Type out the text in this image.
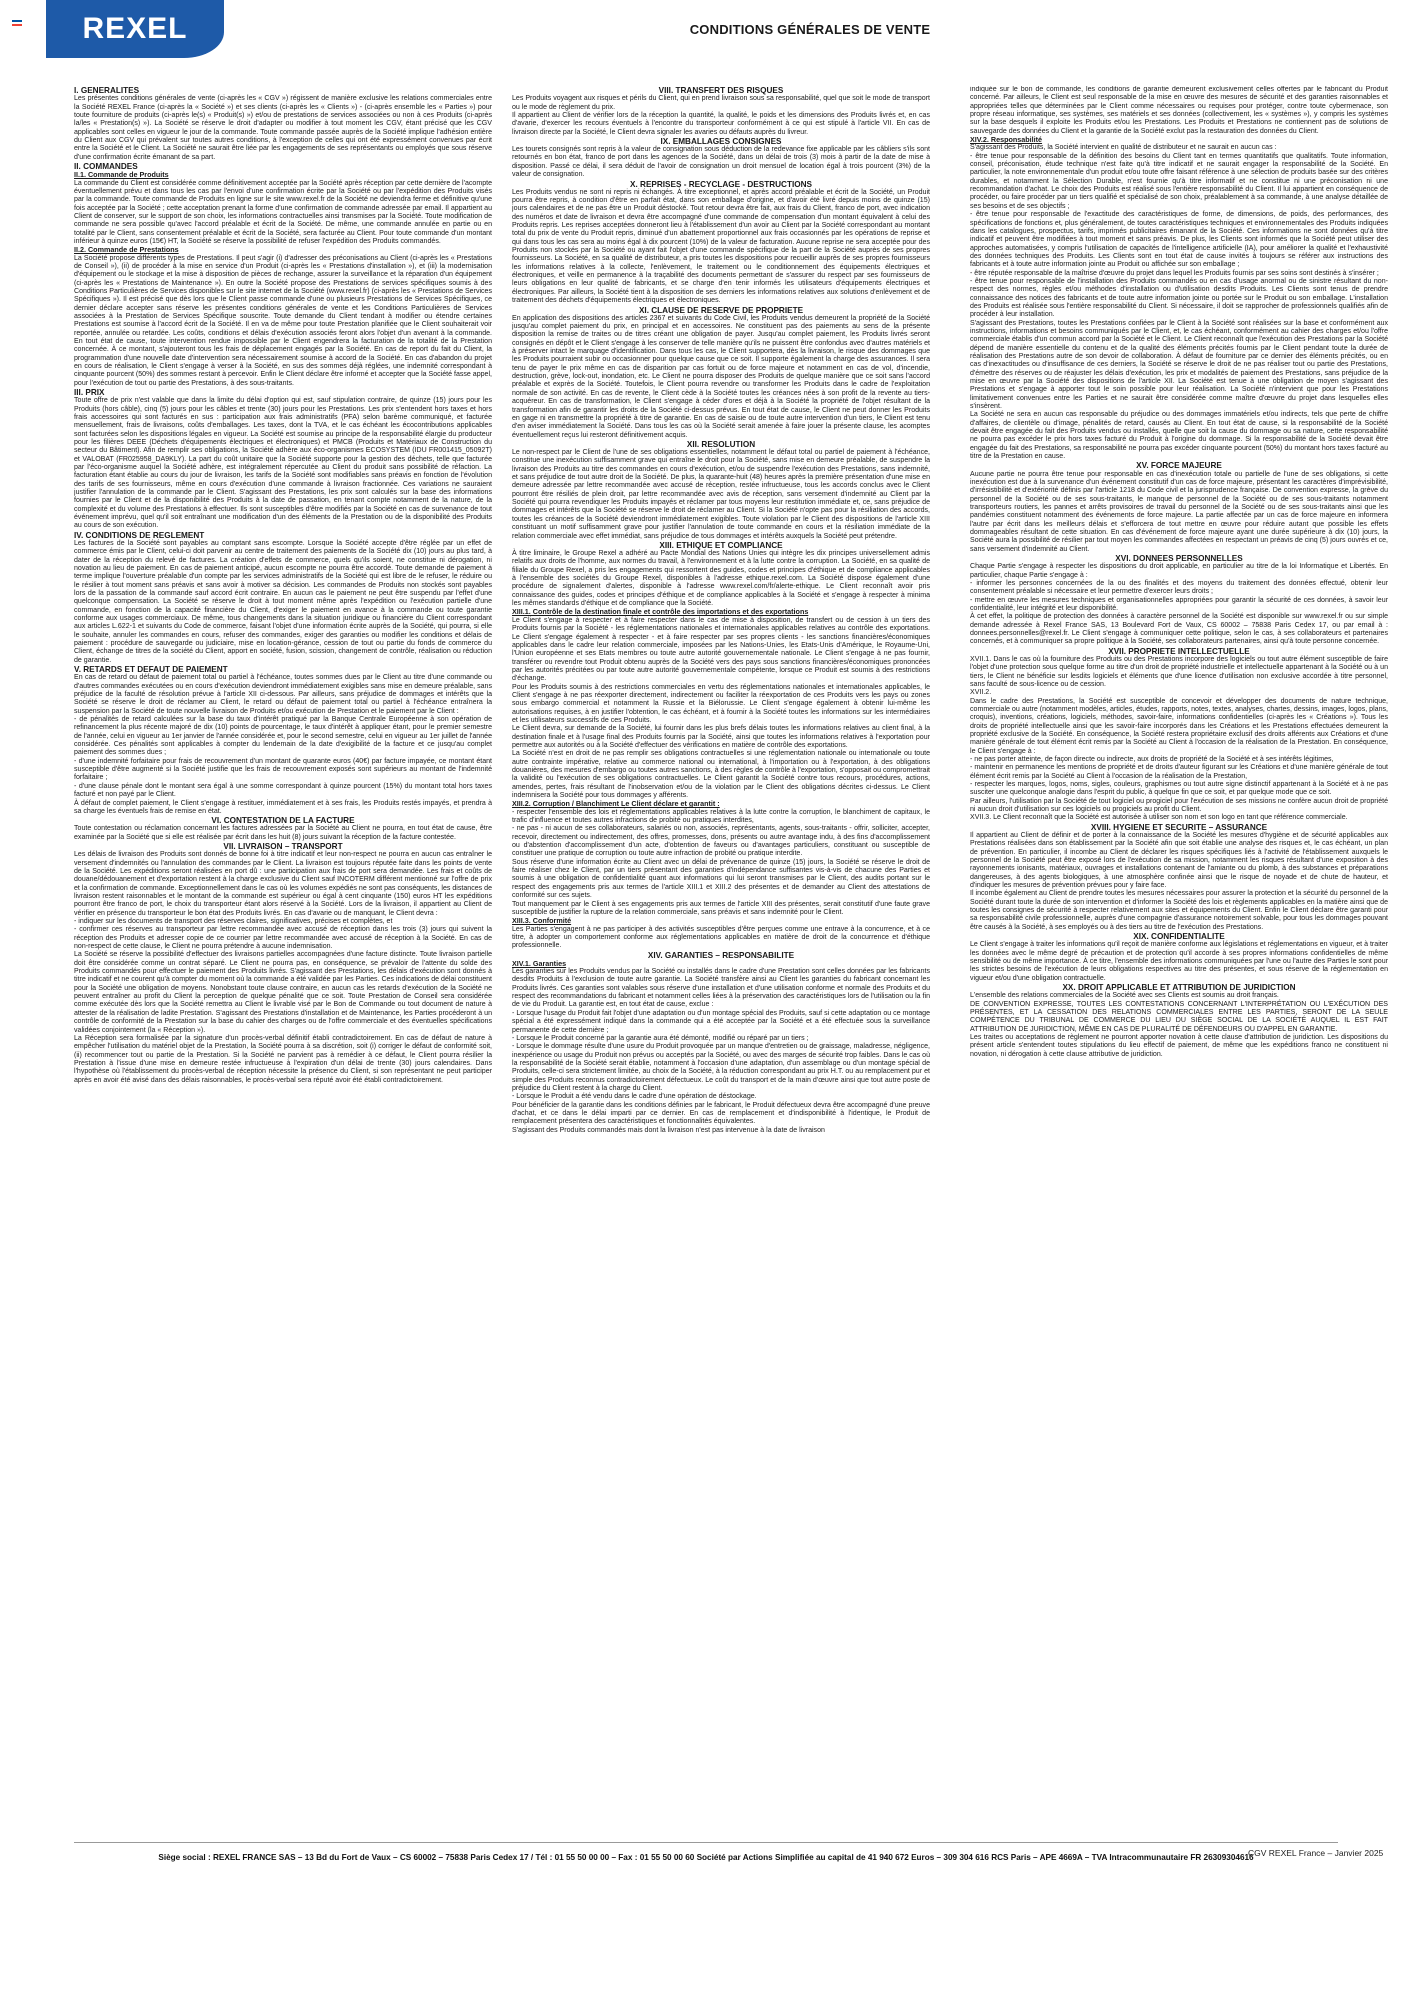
REXEL	CONDITIONS GÉNÉRALES DE VENTE
I. GENERALITES

Les présentes conditions générales de vente (ci-après les « CGV ») régissent de manière exclusive les relations commerciales entre la Société REXEL France (ci-après la « Société ») et ses clients (ci-après les « Clients ») - (ci-après ensemble les « Parties ») pour toute fourniture de produits (ci-après le(s) « Produit(s) ») et/ou de prestations de services associées ou non à ces Produits (ci-après la/les « Prestation(s) »). La Société se réserve le droit d'adapter ou modifier à tout moment les CGV, étant précisé que les CGV applicables sont celles en vigueur le jour de la commande. Toute commande passée auprès de la Société implique l'adhésion entière du Client aux CGV qui prévalent sur toutes autres conditions, à l'exception de celles qui ont été expressément convenues par écrit entre la Société et le Client. La Société ne saurait être liée par les engagements de ses représentants ou employés que sous réserve d'une confirmation écrite émanant de sa part.

II. COMMANDES
II.1. Commande de Produits

La commande du Client est considérée comme définitivement acceptée par la Société après réception par cette dernière de l'acompte éventuellement prévu et dans tous les cas par l'envoi d'une confirmation écrite par la Société ou par l'expédition des Produits visés par la commande. Toute commande de Produits en ligne sur le site www.rexel.fr de la Société ne deviendra ferme et définitive qu'une fois acceptée par la Société ; cette acceptation prenant la forme d'une confirmation de commande adressée par email. Il appartient au Client de conserver, sur le support de son choix, les informations contractuelles ainsi transmises par la Société. Toute modification de commande ne sera possible qu'avec l'accord préalable et écrit de la Société. De même, une commande annulée en partie ou en totalité par le Client, sans consentement préalable et écrit de la Société, sera facturée au Client. Pour toute commande d'un montant inférieur à quinze euros (15€) HT, la Société se réserve la possibilité de refuser l'expédition des Produits commandés.

II.2. Commande de Prestations

La Société propose différents types de Prestations. Il peut s'agir (i) d'adresser des préconisations au Client (ci-après les « Prestations de Conseil »), (ii) de procéder à la mise en service d'un Produit (ci-après les « Prestations d'installation »), et (iii) la modernisation d'équipement ou le stockage et la mise à disposition de pièces de rechange, assurer la surveillance et la réparation d'un équipement (ci-après les « Prestations de Maintenance »). En outre la Société propose des Prestations de services spécifiques soumis à des Conditions Particulières de Services disponibles sur le site internet de la Société (www.rexel.fr) (ci-après les « Prestations de Services Spécifiques »). Il est précisé que dès lors que le Client passe commande d'une ou plusieurs Prestations de Services Spécifiques, ce dernier déclare accepter sans réserve les présentes conditions générales de vente et les Conditions Particulières de Services associées à la Prestation de Services Spécifique souscrite. Toute demande du Client tendant à modifier ou étendre certaines Prestations est soumise à l'accord écrit de la Société. Il en va de même pour toute Prestation planifiée que le Client souhaiterait voir reportée, annulée ou retardée. Les coûts, conditions et délais d'exécution associés feront alors l'objet d'un avenant à la commande. En tout état de cause, toute intervention rendue impossible par le Client engendrera la facturation de la totalité de la Prestation concernée. À ce montant, s'ajouteront tous les frais de déplacement engagés par la Société. En cas de report du fait du Client, la programmation d'une nouvelle date d'intervention sera nécessairement soumise à accord de la Société. En cas d'abandon du projet en cours de réalisation, le Client s'engage à verser à la Société, en sus des sommes déjà réglées, une indemnité correspondant à cinquante pourcent (50%) des sommes restant à percevoir. Enfin le Client déclare être informé et accepter que la Société fasse appel, pour l'exécution de tout ou partie des Prestations, à des sous-traitants.

III. PRIX

Toute offre de prix n'est valable que dans la limite du délai d'option qui est, sauf stipulation contraire, de quinze (15) jours pour les Produits (hors câble), cinq (5) jours pour les câbles et trente (30) jours pour les Prestations. Les prix s'entendent hors taxes et hors frais accessoires qui sont facturés en sus : participation aux frais administratifs (PFA) selon barème communiqué, et facturée mensuellement, frais de livraisons, coûts d'emballages. Les taxes, dont la TVA, et le cas échéant les écocontributions applicables sont facturées selon les dispositions légales en vigueur. La Société est soumise au principe de la responsabilité élargie du producteur pour les filières DEEE (Déchets d'équipements électriques et électroniques) et PMCB (Produits et Matériaux de Construction du secteur du Bâtiment). Afin de remplir ses obligations, la Société adhère aux éco-organismes ECOSYSTEM (IDU FR001415_05092T) et VALOBAT (FR025958_DA9KLY). La part du coût unitaire que la Société supporte pour la gestion des déchets, telle que facturée par l'éco-organisme auquel la Société adhère, est intégralement répercutée au Client du produit sans possibilité de réfaction. La facturation étant établie au cours du jour de livraison, les tarifs de la Société sont modifiables sans préavis en fonction de l'évolution des tarifs de ses fournisseurs, même en cours d'exécution d'une commande à livraison fractionnée. Ces variations ne sauraient justifier l'annulation de la commande par le Client. S'agissant des Prestations, les prix sont calculés sur la base des informations fournies par le Client et de la disponibilité des Produits à la date de passation, en tenant compte notamment de la nature, de la complexité et du volume des Prestations à effectuer. Ils sont susceptibles d'être modifiés par la Société en cas de survenance de tout événement imprévu, quel qu'il soit entraînant une modification d'un des éléments de la Prestation ou de la disponibilité des Produits au cours de son exécution.

IV. CONDITIONS DE REGLEMENT

Les factures de la Société sont payables au comptant sans escompte. Lorsque la Société accepte d'être réglée par un effet de commerce émis par le Client, celui-ci doit parvenir au centre de traitement des paiements de la Société dix (10) jours au plus tard, à dater de la réception du relevé de factures. La création d'effets de commerce, quels qu'ils soient, ne constitue ni dérogation, ni novation au lieu de paiement. En cas de paiement anticipé, aucun escompte ne pourra être accordé. Toute demande de paiement à terme implique l'ouverture préalable d'un compte par les services administratifs de la Société qui est libre de le refuser, le réduire ou le résilier à tout moment sans préavis et sans avoir à motiver sa décision. Les commandes de Produits non stockés sont payables lors de la passation de la commande sauf accord écrit contraire. En aucun cas le paiement ne peut être suspendu par l'effet d'une quelconque compensation. La Société se réserve le droit à tout moment même après l'expédition ou l'exécution partielle d'une commande, en fonction de la capacité financière du Client, d'exiger le paiement en avance à la commande ou toute garantie conforme aux usages commerciaux. De même, tous changements dans la situation juridique ou financière du Client correspondant aux articles L.622-1 et suivants du Code de commerce, faisant l'objet d'une information écrite auprès de la Société, qui pourra, si elle le souhaite, annuler les commandes en cours, refuser des commandes, exiger des garanties ou modifier les conditions et délais de paiement : procédure de sauvegarde ou judiciaire, mise en location-gérance, cession de tout ou partie du fonds de commerce du Client, échange de titres de la société du Client, apport en société, fusion, scission, changement de contrôle, réalisation ou réduction de garantie.

V. RETARDS ET DEFAUT DE PAIEMENT

En cas de retard ou défaut de paiement total ou partiel à l'échéance, toutes sommes dues par le Client au titre d'une commande ou d'autres commandes exécutées ou en cours d'exécution deviendront immédiatement exigibles sans mise en demeure préalable, sans préjudice de la faculté de résolution prévue à l'article XII ci-dessous. Par ailleurs, sans préjudice de dommages et intérêts que la Société se réserve le droit de réclamer au Client, le retard ou défaut de paiement total ou partiel à l'échéance entraînera la suspension par la Société de toute nouvelle livraison de Produits et/ou exécution de Prestation et le paiement par le Client :

- de pénalités de retard calculées sur la base du taux d'intérêt pratiqué par la Banque Centrale Européenne à son opération de refinancement la plus récente majoré de dix (10) points de pourcentage, le taux d'intérêt à appliquer étant, pour le premier semestre de l'année, celui en vigueur au 1er janvier de l'année considérée et, pour le second semestre, celui en vigueur au 1er juillet de l'année considérée. Ces pénalités sont applicables à compter du lendemain de la date d'exigibilité de la facture et ce jusqu'au complet paiement des sommes dues ;

- d'une indemnité forfaitaire pour frais de recouvrement d'un montant de quarante euros (40€) par facture impayée, ce montant étant susceptible d'être augmenté si la Société justifie que les frais de recouvrement exposés sont supérieurs au montant de l'indemnité forfaitaire ;

- d'une clause pénale dont le montant sera égal à une somme correspondant à quinze pourcent (15%) du montant total hors taxes facturé et non payé par le Client.

À défaut de complet paiement, le Client s'engage à restituer, immédiatement et à ses frais, les Produits restés impayés, et prendra à sa charge les éventuels frais de remise en état.

VI. CONTESTATION DE LA FACTURE

Toute contestation ou réclamation concernant les factures adressées par la Société au Client ne pourra, en tout état de cause, être examinée par la Société que si elle est réalisée par écrit dans les huit (8) jours suivant la réception de la facture contestée.

VII. LIVRAISON – TRANSPORT

Les délais de livraison des Produits sont donnés de bonne foi à titre indicatif et leur non-respect ne pourra en aucun cas entraîner le versement d'indemnités ou l'annulation des commandes par le Client. La livraison est toujours réputée faite dans les points de vente de la Société. Les expéditions seront réalisées en port dû : une participation aux frais de port sera demandée. Les frais et coûts de douane/dédouanement et d'exportation restent à la charge exclusive du Client sauf INCOTERM différent mentionné sur l'offre de prix et la confirmation de commande. Exceptionnellement dans le cas où les volumes expédiés ne sont pas conséquents, les distances de livraison restent raisonnables et le montant de la commande est supérieur ou égal à cent cinquante (150) euros HT les expéditions pourront être franco de port, le choix du transporteur étant alors réservé à la Société. Lors de la livraison, il appartient au Client de vérifier en présence du transporteur le bon état des Produits livrés. En cas d'avarie ou de manquant, le Client devra :

- indiquer sur les documents de transport des réserves claires, significatives, précises et complètes, et

- confirmer ces réserves au transporteur par lettre recommandée avec accusé de réception dans les trois (3) jours qui suivent la réception des Produits et adresser copie de ce courrier par lettre recommandée avec accusé de réception à la Société. En cas de non-respect de cette clause, le Client ne pourra prétendre à aucune indemnisation.

La Société se réserve la possibilité d'effectuer des livraisons partielles accompagnées d'une facture distincte. Toute livraison partielle doit être considérée comme un contrat séparé. Le Client ne pourra pas, en conséquence, se prévaloir de l'attente du solde des Produits commandés pour effectuer le paiement des Produits livrés. S'agissant des Prestations, les délais d'exécution sont donnés à titre indicatif et ne courent qu'à compter du moment où la commande a été validée par les Parties. Ces indications de délai constituent pour la Société une obligation de moyens. Nonobstant toute clause contraire, en aucun cas les retards d'exécution de la Société ne peuvent entraîner au profit du Client la perception de quelque pénalité que ce soit. Toute Prestation de Conseil sera considérée comme exécutée dès lors que la Société remettra au Client le livrable visé par le Bon de Commande ou tout document de nature à attester de la réalisation de ladite Prestation. S'agissant des Prestations d'installation et de Maintenance, les Parties procéderont à un contrôle de conformité de la Prestation sur la base du cahier des charges ou de l'offre commerciale et des éventuelles spécifications validées conjointement (la « Réception »).

La Réception sera formalisée par la signature d'un procès-verbal définitif établi contradictoirement. En cas de défaut de nature à empêcher l'utilisation du matériel objet de la Prestation, la Société pourra à sa discrétion, soit (i) corriger le défaut de conformité soit, (ii) recommencer tout ou partie de la Prestation. Si la Société ne parvient pas à remédier à ce défaut, le Client pourra résilier la Prestation à l'issue d'une mise en demeure restée infructueuse à l'expiration d'un délai de trente (30) jours calendaires. Dans l'hypothèse où l'établissement du procès-verbal de réception nécessite la présence du Client, si son représentant ne peut participer après en avoir été avisé dans des délais raisonnables, le procès-verbal sera réputé avoir été établi contradictoirement.

VIII. TRANSFERT DES RISQUES

Les Produits voyagent aux risques et périls du Client, qui en prend livraison sous sa responsabilité, quel que soit le mode de transport ou le mode de règlement du prix.

Il appartient au Client de vérifier lors de la réception la quantité, la qualité, le poids et les dimensions des Produits livrés et, en cas d'avarie, d'exercer les recours éventuels à l'encontre du transporteur conformément à ce qui est stipulé à l'article VII. En cas de livraison directe par la Société, le Client devra signaler les avaries ou défauts auprès du livreur.

IX. EMBALLAGES CONSIGNES

Les tourets consignés sont repris à la valeur de consignation sous déduction de la redevance fixe applicable par les câbliers s'ils sont retournés en bon état, franco de port dans les agences de la Société, dans un délai de trois (3) mois à partir de la date de mise à disposition. Passé ce délai, il sera déduit de l'avoir de consignation un droit mensuel de location égal à trois pourcent (3%) de la valeur de consignation.

X. REPRISES - RECYCLAGE - DESTRUCTIONS

Les Produits vendus ne sont ni repris ni échangés. À titre exceptionnel, et après accord préalable et écrit de la Société, un Produit pourra être repris, à condition d'être en parfait état, dans son emballage d'origine, et d'avoir été livré depuis moins de quinze (15) jours calendaires et de ne pas être un Produit déstocké. Tout retour devra être fait, aux frais du Client, franco de port, avec indication des numéros et date de livraison et devra être accompagné d'une commande de compensation d'un montant équivalent à celui des Produits repris. Les reprises acceptées donneront lieu à l'établissement d'un avoir au Client par la Société correspondant au montant total du prix de vente du Produit repris, diminué d'un abattement proportionnel aux frais occasionnés par les opérations de reprise et qui dans tous les cas sera au moins égal à dix pourcent (10%) de la valeur de facturation. Aucune reprise ne sera acceptée pour des Produits non stockés par la Société ou ayant fait l'objet d'une commande spécifique de la part de la Société auprès de ses propres fournisseurs. La Société, en sa qualité de distributeur, a pris toutes les dispositions pour recueillir auprès de ses propres fournisseurs les informations relatives à la collecte, l'enlèvement, le traitement ou le conditionnement des équipements électriques et électroniques, et veille en permanence à la traçabilité des documents permettant de s'assurer du respect par ses fournisseurs de leurs obligations en leur qualité de fabricants, et se charge d'en tenir informés les utilisateurs d'équipements électriques et électroniques. Par ailleurs, la Société tient à la disposition de ses derniers les informations relatives aux solutions d'enlèvement et de traitement des déchets d'équipements électriques et électroniques.

XI. CLAUSE DE RESERVE DE PROPRIETE

En application des dispositions des articles 2367 et suivants du Code Civil, les Produits vendus demeurent la propriété de la Société jusqu'au complet paiement du prix, en principal et en accessoires. Ne constituent pas des paiements au sens de la présente disposition la remise de traites ou de titres créant une obligation de payer. Jusqu'au complet paiement, les Produits livrés seront consignés en dépôt et le Client s'engage à les conserver de telle manière qu'ils ne puissent être confondus avec d'autres matériels et à préserver intact le marquage d'identification. Dans tous les cas, le Client supportera, dès la livraison, le risque des dommages que les Produits pourraient subir ou occasionner pour quelque cause que ce soit. Il supporte également la charge des assurances. Il sera tenu de payer le prix même en cas de disparition par cas fortuit ou de force majeure et notamment en cas de vol, d'incendie, destruction, grève, lock-out, inondation, etc. Le Client ne pourra disposer des Produits de quelque manière que ce soit sans l'accord préalable et exprès de la Société. Toutefois, le Client pourra revendre ou transformer les Produits dans le cadre de l'exploitation normale de son activité. En cas de revente, le Client cède à la Société toutes les créances nées à son profit de la revente au tiers-acquéreur. En cas de transformation, le Client s'engage à céder d'ores et déjà à la Société la propriété de l'objet résultant de la transformation afin de garantir les droits de la Société ci-dessus prévus. En tout état de cause, le Client ne peut donner les Produits en gage ni en transmettre la propriété à titre de garantie. En cas de saisie ou de toute autre intervention d'un tiers, le Client est tenu d'en aviser immédiatement la Société. Dans tous les cas où la Société serait amenée à faire jouer la présente clause, les acomptes éventuellement reçus lui resteront définitivement acquis.

XII. RESOLUTION

Le non-respect par le Client de l'une de ses obligations essentielles, notamment le défaut total ou partiel de paiement à l'échéance, constitue une inexécution suffisamment grave qui entraîne le droit pour la Société, sans mise en demeure préalable, de suspendre la livraison des Produits au titre des commandes en cours d'exécution, et/ou de suspendre l'exécution des Prestations, sans indemnité, et sans préjudice de tout autre droit de la Société. De plus, la quarante-huit (48) heures après la première présentation d'une mise en demeure adressée par lettre recommandée avec accusé de réception, restée infructueuse, tous les accords conclus avec le Client pourront être résiliés de plein droit, par lettre recommandée avec avis de réception, sans versement d'indemnité au Client par la Société qui pourra revendiquer les Produits impayés et réclamer par tous moyens leur restitution immédiate et, ce, sans préjudice de dommages et intérêts que la Société se réserve le droit de réclamer au Client. Si la Société n'opte pas pour la résiliation des accords, toutes les créances de la Société deviendront immédiatement exigibles. Toute violation par le Client des dispositions de l'article XIII constituant un motif suffisamment grave pour justifier l'annulation de toute commande en cours et la résiliation immédiate de la relation commerciale avec effet immédiat, sans préjudice de tous dommages et intérêts auxquels la Société peut prétendre.

XIII. ETHIQUE ET COMPLIANCE

À titre liminaire, le Groupe Rexel a adhéré au Pacte Mondial des Nations Unies qui intègre les dix principes universellement admis relatifs aux droits de l'homme, aux normes du travail, à l'environnement et à la lutte contre la corruption. La Société, en sa qualité de filiale du Groupe Rexel, a pris les engagements qui ressortent des guides, codes et principes d'éthique et de compliance applicables à l'ensemble des sociétés du Groupe Rexel, disponibles à l'adresse ethique.rexel.com. La Société dispose également d'une procédure de signalement d'alertes, disponible à l'adresse www.rexel.com/fr/alerte-ethique. Le Client reconnaît avoir pris connaissance des guides, codes et principes d'éthique et de compliance applicables à la Société et s'engage à respecter à minima les mêmes standards d'éthique et de compliance que la Société.

XIII.1. Contrôle de la destination finale et contrôle des importations et des exportations

Le Client s'engage à respecter et à faire respecter dans le cas de mise à disposition, de transfert ou de cession à un tiers des Produits fournis par la Société - les réglementations nationales et internationales applicables relatives au contrôle des exportations. Le Client s'engage également à respecter - et à faire respecter par ses propres clients - les sanctions financières/économiques applicables dans le cadre leur relation commerciale, imposées par les Nations-Unies, les Etats-Unis d'Amérique, le Royaume-Uni, l'Union européenne et ses Etats membres ou toute autre autorité gouvernementale nationale. Le Client s'engage à ne pas fournir, transférer ou revendre tout Produit obtenu auprès de la Société vers des pays sous sanctions financières/économiques prononcées par les autorités précitées ou par toute autre autorité gouvernementale compétente, lorsque ce Produit est soumis à des restrictions d'échange.

Pour les Produits soumis à des restrictions commerciales en vertu des réglementations nationales et internationales applicables, le Client s'engage à ne pas réexporter directement, indirectement ou faciliter la réexportation de ces Produits vers les pays ou zones sous embargo commercial et notamment la Russie et la Biélorussie. Le Client s'engage également à obtenir lui-même les autorisations requises, à en justifier l'obtention, le cas échéant, et à fournir à la Société toutes les informations sur les intermédiaires et les utilisateurs successifs de ces Produits.

Le Client devra, sur demande de la Société, lui fournir dans les plus brefs délais toutes les informations relatives au client final, à la destination finale et à l'usage final des Produits fournis par la Société, ainsi que toutes les informations relatives à l'exportation pour permettre aux autorités ou à la Société d'effectuer des vérifications en matière de contrôle des exportations.

La Société n'est en droit de ne pas remplir ses obligations contractuelles si une réglementation nationale ou internationale ou toute autre contrainte impérative, relative au commerce national ou international, à l'importation ou à l'exportation, à des obligations douanières, des mesures d'embargo ou toutes autres sanctions, à des règles de contrôle à l'exportation, s'opposait ou compromettrait la validité ou l'exécution de ses obligations contractuelles. Le Client garantit la Société contre tous recours, procédures, actions, amendes, pertes, frais résultant de l'inobservation et/ou de la violation par le Client des obligations décrites ci-dessus. Le Client indemnisera la Société pour tous dommages y afférents.

XIII.2. Corruption / Blanchiment Le Client déclare et garantit :

- respecter l'ensemble des lois et réglementations applicables relatives à la lutte contre la corruption, le blanchiment de capitaux, le trafic d'influence et toutes autres infractions de probité ou pratiques interdites,

- ne pas - ni aucun de ses collaborateurs, salariés ou non, associés, représentants, agents, sous-traitants - offrir, solliciter, accepter, recevoir, directement ou indirectement, des offres, promesses, dons, présents ou autre avantage indu, à des fins d'accomplissement ou d'abstention d'accomplissement d'un acte, d'obtention de faveurs ou d'avantages particuliers, constituant ou susceptible de constituer une pratique de corruption ou toute autre infraction de probité ou pratique interdite.

Sous réserve d'une information écrite au Client avec un délai de prévenance de quinze (15) jours, la Société se réserve le droit de faire réaliser chez le Client, par un tiers présentant des garanties d'indépendance suffisantes vis-à-vis de chacune des Parties et soumis à une obligation de confidentialité quant aux informations qui lui seront transmises par le Client, des audits portant sur le respect des engagements pris aux termes de l'article XIII.1 et XIII.2 des présentes et de demander au Client des attestations de conformité sur ces sujets.

Tout manquement par le Client à ses engagements pris aux termes de l'article XIII des présentes, serait constitutif d'une faute grave susceptible de justifier la rupture de la relation commerciale, sans préavis et sans indemnité pour le Client.

XIII.3. Conformité

Les Parties s'engagent à ne pas participer à des activités susceptibles d'être perçues comme une entrave à la concurrence, et à ce titre, à adopter un comportement conforme aux réglementations applicables en matière de droit de la concurrence et d'éthique professionnelle.

XIV. GARANTIES – RESPONSABILITE
XIV.1. Garanties

Les garanties sur les Produits vendus par la Société ou installés dans le cadre d'une Prestation sont celles données par les fabricants desdits Produits à l'exclusion de toute autre garantie. La Société transfère ainsi au Client les garanties du fabricant concernant les Produits livrés. Ces garanties sont valables sous réserve d'une installation et d'une utilisation conforme et normale des Produits et du respect des recommandations du fabricant et notamment celles liées à la préservation des caractéristiques lors de l'utilisation ou la fin de vie du Produit. La garantie est, en tout état de cause, exclue :

- Lorsque l'usage du Produit fait l'objet d'une adaptation ou d'un montage spécial des Produits, sauf si cette adaptation ou ce montage spécial a été expressément indiqué dans la commande qui a été acceptée par la Société et a été effectuée sous la surveillance permanente de cette dernière ;

- Lorsque le Produit concerné par la garantie aura été démonté, modifié ou réparé par un tiers ;

- Lorsque le dommage résulte d'une usure du Produit provoquée par un manque d'entretien ou de graissage, maladresse, négligence, inexpérience ou usage du Produit non prévus ou acceptés par la Société, ou avec des marges de sécurité trop faibles. Dans le cas où la responsabilité de la Société serait établie, notamment à l'occasion d'une adaptation, d'un assemblage ou d'un montage spécial de Produits, celle-ci sera strictement limitée, au choix de la Société, à la réduction correspondant au prix H.T. ou au remplacement pur et simple des Produits reconnus contradictoirement défectueux. Le coût du transport et de la main d'œuvre ainsi que tout autre poste de préjudice du Client restent à la charge du Client.

- Lorsque le Produit a été vendu dans le cadre d'une opération de déstockage.

Pour bénéficier de la garantie dans les conditions définies par le fabricant, le Produit défectueux devra être accompagné d'une preuve d'achat, et ce dans le délai imparti par ce dernier. En cas de remplacement et d'indisponibilité à l'identique, le Produit de remplacement présentera des caractéristiques et fonctionnalités équivalentes.

S'agissant des Produits commandés mais dont la livraison n'est pas intervenue à la date de livraison

indiquée sur le bon de commande, les conditions de garantie demeurent exclusivement celles offertes par le fabricant du Produit concerné. Par ailleurs, le Client est seul responsable de la mise en œuvre des mesures de sécurité et des garanties raisonnables et appropriées telles que déterminées par le Client comme nécessaires ou requises pour protéger, contre toute cybermenace, son propre réseau informatique, ses systèmes, ses matériels et ses données (collectivement, les « systèmes »), y compris les systèmes sur la base desquels il exploite les Produits et/ou les Prestations. Les Produits et Prestations ne contiennent pas de solutions de sauvegarde des données du Client et la garantie de la Société exclut pas la restauration des données du Client.

XIV.2. Responsabilité

S'agissant des Produits, la Société intervient en qualité de distributeur et ne saurait en aucun cas :

- être tenue pour responsable de la définition des besoins du Client tant en termes quantitatifs que qualitatifs. Toute information, conseil, préconisation, étude technique n'est faite qu'à titre indicatif et ne saurait engager la responsabilité de la Société. En particulier, la note environnementale d'un produit et/ou toute offre faisant référence à une sélection de produits basée sur des critères durables, et notamment la Sélection Durable, n'est fournie qu'à titre informatif et ne constitue ni une préconisation ni une recommandation d'achat. Le choix des Produits est réalisé sous l'entière responsabilité du Client. Il lui appartient en conséquence de procéder, ou faire procéder par un tiers qualifié et spécialisé de son choix, préalablement à sa commande, à une analyse détaillée de ses besoins et de ses objectifs ;

- être tenue pour responsable de l'exactitude des caractéristiques de forme, de dimensions, de poids, des performances, des spécifications de fonctions et, plus généralement, de toutes caractéristiques techniques et environnementales des Produits indiquées dans les catalogues, prospectus, tarifs, imprimés publicitaires émanant de la Société. Ces informations ne sont données qu'à titre indicatif et peuvent être modifiées à tout moment et sans préavis. De plus, les Clients sont informés que la Société peut utiliser des approches automatisées, y compris l'utilisation de capacités de l'intelligence artificielle (IA), pour améliorer la qualité et l'exhaustivité des données techniques des Produits. Les Clients sont en tout état de cause invités à toujours se référer aux instructions des fabricants et à toute autre information jointe au Produit ou affichée sur son emballage ;

- être réputée responsable de la maîtrise d'œuvre du projet dans lequel les Produits fournis par ses soins sont destinés à s'insérer ;

- être tenue pour responsable de l'installation des Produits commandés ou en cas d'usage anormal ou de sinistre résultant du non-respect des normes, règles et/ou méthodes d'installation ou d'utilisation desdits Produits. Les Clients sont tenus de prendre connaissance des notices des fabricants et de toute autre information jointe ou portée sur le Produit ou son emballage. L'installation des Produits est réalisée sous l'entière responsabilité du Client. Si nécessaire, il doit se rapprocher de professionnels qualifiés afin de procéder à leur installation.

S'agissant des Prestations, toutes les Prestations confiées par le Client à la Société sont réalisées sur la base et conformément aux instructions, informations et besoins communiqués par le Client, et, le cas échéant, conformément au cahier des charges et/ou l'offre commerciale établis d'un commun accord par la Société et le Client. Le Client reconnaît que l'exécution des Prestations par la Société dépend de manière essentielle du contenu et de la qualité des éléments précités fournis par le Client pendant toute la durée de réalisation des Prestations autre de son devoir de collaboration. À défaut de fourniture par ce dernier des éléments précités, ou en cas d'inexactitudes ou d'insuffisance de ces derniers, la Société se réserve le droit de ne pas réaliser tout ou partie des Prestations, d'émettre des réserves ou de réajuster les délais d'exécution, les prix et modalités de paiement des Prestations, sans préjudice de la mise en œuvre par la Société des dispositions de l'article XII. La Société est tenue à une obligation de moyen s'agissant des Prestations et s'engage à apporter tout le soin possible pour leur réalisation. La Société n'intervient que pour les Prestations limitativement convenues entre les Parties et ne saurait être considérée comme maître d'œuvre du projet dans lesquelles elles s'insèrent.

La Société ne sera en aucun cas responsable du préjudice ou des dommages immatériels et/ou indirects, tels que perte de chiffre d'affaires, de clientèle ou d'image, pénalités de retard, causés au Client. En tout état de cause, si la responsabilité de la Société devait être engagée du fait des Produits vendus ou installés, quelle que soit la cause du dommage ou sa nature, cette responsabilité ne pourra pas excéder le prix hors taxes facturé du Produit à l'origine du dommage. Si la responsabilité de la Société devait être engagée du fait des Prestations, sa responsabilité ne pourra pas excéder cinquante pourcent (50%) du montant hors taxes facturé au titre de la Prestation en cause.

XV. FORCE MAJEURE

Aucune partie ne pourra être tenue pour responsable en cas d'inexécution totale ou partielle de l'une de ses obligations, si cette inexécution est due à la survenance d'un événement constitutif d'un cas de force majeure, présentant les caractères d'imprévisibilité, d'irrésistibilité et d'extériorité définis par l'article 1218 du Code civil et la jurisprudence française. De convention expresse, la grève du personnel de la Société ou de ses sous-traitants, le manque de personnel de la Société ou de ses sous-traitants notamment transporteurs routiers, les pannes et arrêts provisoires de travail du personnel de la Société ou de ses sous-traitants ainsi que les pandémies constituent notamment des événements de force majeure. La partie affectée par un cas de force majeure en informera l'autre par écrit dans les meilleurs délais et s'efforcera de tout mettre en œuvre pour réduire autant que possible les effets dommageables résultant de cette situation. En cas d'événement de force majeure ayant une durée supérieure à dix (10) jours, la Société aura la possibilité de résilier par tout moyen les commandes affectées en respectant un préavis de cinq (5) jours ouvrés et ce, sans versement d'indemnité au Client.

XVI. DONNEES PERSONNELLES

Chaque Partie s'engage à respecter les dispositions du droit applicable, en particulier au titre de la loi Informatique et Libertés. En particulier, chaque Partie s'engage à :

- informer les personnes concernées de la ou des finalités et des moyens du traitement des données effectué, obtenir leur consentement préalable si nécessaire et leur permettre d'exercer leurs droits ;

- mettre en œuvre les mesures techniques et organisationnelles appropriées pour garantir la sécurité de ces données, à savoir leur confidentialité, leur intégrité et leur disponibilité.

À cet effet, la politique de protection des données à caractère personnel de la Société est disponible sur www.rexel.fr ou sur simple demande adressée à Rexel France SAS, 13 Boulevard Fort de Vaux, CS 60002 – 75838 Paris Cedex 17, ou par email à : donnees.personnelles@rexel.fr. Le Client s'engage à communiquer cette politique, selon le cas, à ses collaborateurs et partenaires concernés, et à communiquer sa propre politique à la Société, ses collaborateurs partenaires, ainsi qu'à toute personne concernée.

XVII. PROPRIETE INTELLECTUELLE

XVII.1. Dans le cas où la fourniture des Produits ou des Prestations incorpore des logiciels ou tout autre élément susceptible de faire l'objet d'une protection sous quelque forme au titre d'un droit de propriété industrielle et intellectuelle appartenant à la Société ou à un tiers, le Client ne bénéficie sur lesdits logiciels et éléments que d'une licence d'utilisation non exclusive accordée à titre personnel, sans faculté de sous-licence ou de cession.

XVII.2.

Dans le cadre des Prestations, la Société est susceptible de concevoir et développer des documents de nature technique, commerciale ou autre (notamment modèles, articles, études, rapports, notes, textes, analyses, chartes, dessins, images, logos, plans, croquis), inventions, créations, logiciels, méthodes, savoir-faire, informations confidentielles (ci-après les « Créations »). Tous les droits de propriété intellectuelle ainsi que les savoir-faire incorporés dans les Créations et les Prestations effectuées demeurent la propriété exclusive de la Société. En conséquence, la Société restera propriétaire exclusif des droits afférents aux Créations et d'une manière générale de tout élément écrit remis par la Société au Client à l'occasion de la réalisation de la Prestation. En conséquence, le Client s'engage à :

- ne pas porter atteinte, de façon directe ou indirecte, aux droits de propriété de la Société et à ses intérêts légitimes,

- maintenir en permanence les mentions de propriété et de droits d'auteur figurant sur les Créations et d'une manière générale de tout élément écrit remis par la Société au Client à l'occasion de la réalisation de la Prestation,

- respecter les marques, logos, noms, sigles, couleurs, graphismes ou tout autre signe distinctif appartenant à la Société et à ne pas susciter une quelconque analogie dans l'esprit du public, à quelque fin que ce soit, et par quelque mode que ce soit.

Par ailleurs, l'utilisation par la Société de tout logiciel ou progiciel pour l'exécution de ses missions ne confère aucun droit de propriété ni aucun droit d'utilisation sur ces logiciels ou progiciels au profit du Client.

XVII.3. Le Client reconnaît que la Société est autorisée à utiliser son nom et son logo en tant que référence commerciale.

XVIII. HYGIENE ET SECURITE – ASSURANCE

Il appartient au Client de définir et de porter à la connaissance de la Société les mesures d'hygiène et de sécurité applicables aux Prestations réalisées dans son établissement par la Société afin que soit établie une analyse des risques et, le cas échéant, un plan de prévention. En particulier, il incombe au Client de déclarer les risques spécifiques liés à l'activité de l'établissement auxquels le personnel de la Société peut être exposé lors de l'exécution de sa mission, notamment les risques résultant d'une exposition à des rayonnements ionisants, matériaux, ouvrages et installations contenant de l'amiante ou du plomb, à des substances et préparations dangereuses, à des agents biologiques, à une atmosphère confinée ainsi que le risque de noyade et de chute de hauteur, et d'indiquer les mesures de prévention prévues pour y faire face.

Il incombe également au Client de prendre toutes les mesures nécessaires pour assurer la protection et la sécurité du personnel de la Société durant toute la durée de son intervention et d'informer la Société des lois et règlements applicables en la matière ainsi que de toutes les consignes de sécurité à respecter relativement aux sites et équipements du Client. Enfin le Client déclare être garanti pour sa responsabilité civile professionnelle, auprès d'une compagnie d'assurance notoirement solvable, pour tous les dommages pouvant être causés à la Société, à ses employés ou à des tiers au titre de l'exécution des Prestations.

XIX. CONFIDENTIALITE

Le Client s'engage à traiter les informations qu'il reçoit de manière conforme aux législations et réglementations en vigueur, et à traiter les données avec le même degré de précaution et de protection qu'il accorde à ses propres informations confidentielles de même sensibilité ou de même importance. À ce titre, l'ensemble des informations communiquées par l'une ou l'autre des Parties le sont pour les strictes besoins de l'exécution de leurs obligations respectives au titre des présentes, et sous réserve de la réglementation en vigueur et/ou d'une obligation contractuelle.

XX. DROIT APPLICABLE ET ATTRIBUTION DE JURIDICTION

L'ensemble des relations commerciales de la Société avec ses Clients est soumis au droit français.

DE CONVENTION EXPRESSE, TOUTES LES CONTESTATIONS CONCERNANT L'INTERPRÉTATION OU L'EXÉCUTION DES PRÉSENTES, ET LA CESSATION DES RELATIONS COMMERCIALES ENTRE LES PARTIES, SERONT DE LA SEULE COMPÉTENCE DU TRIBUNAL DE COMMERCE DU LIEU DU SIÈGE SOCIAL DE LA SOCIÉTÉ AUQUEL IL EST FAIT ATTRIBUTION DE JURIDICTION, MÊME EN CAS DE PLURALITÉ DE DÉFENDEURS OU D'APPEL EN GARANTIE.

Les traites ou acceptations de règlement ne pourront apporter novation à cette clause d'attribution de juridiction. Les dispositions du présent article s'entendent toutes stipulations du lieu effectif de paiement, de même que les expéditions franco ne constituent ni novation, ni dérogation à cette clause attributive de juridiction.

CGV REXEL France – Janvier 2025
Siège social : REXEL FRANCE SAS – 13 Bd du Fort de Vaux – CS 60002 – 75838 Paris Cedex 17 / Tél : 01 55 50 00 00 – Fax : 01 55 50 00 60 Société par Actions Simplifiée au capital de 41 940 672 Euros – 309 304 616 RCS Paris – APE 4669A – TVA Intracommunautaire FR 26309304616
